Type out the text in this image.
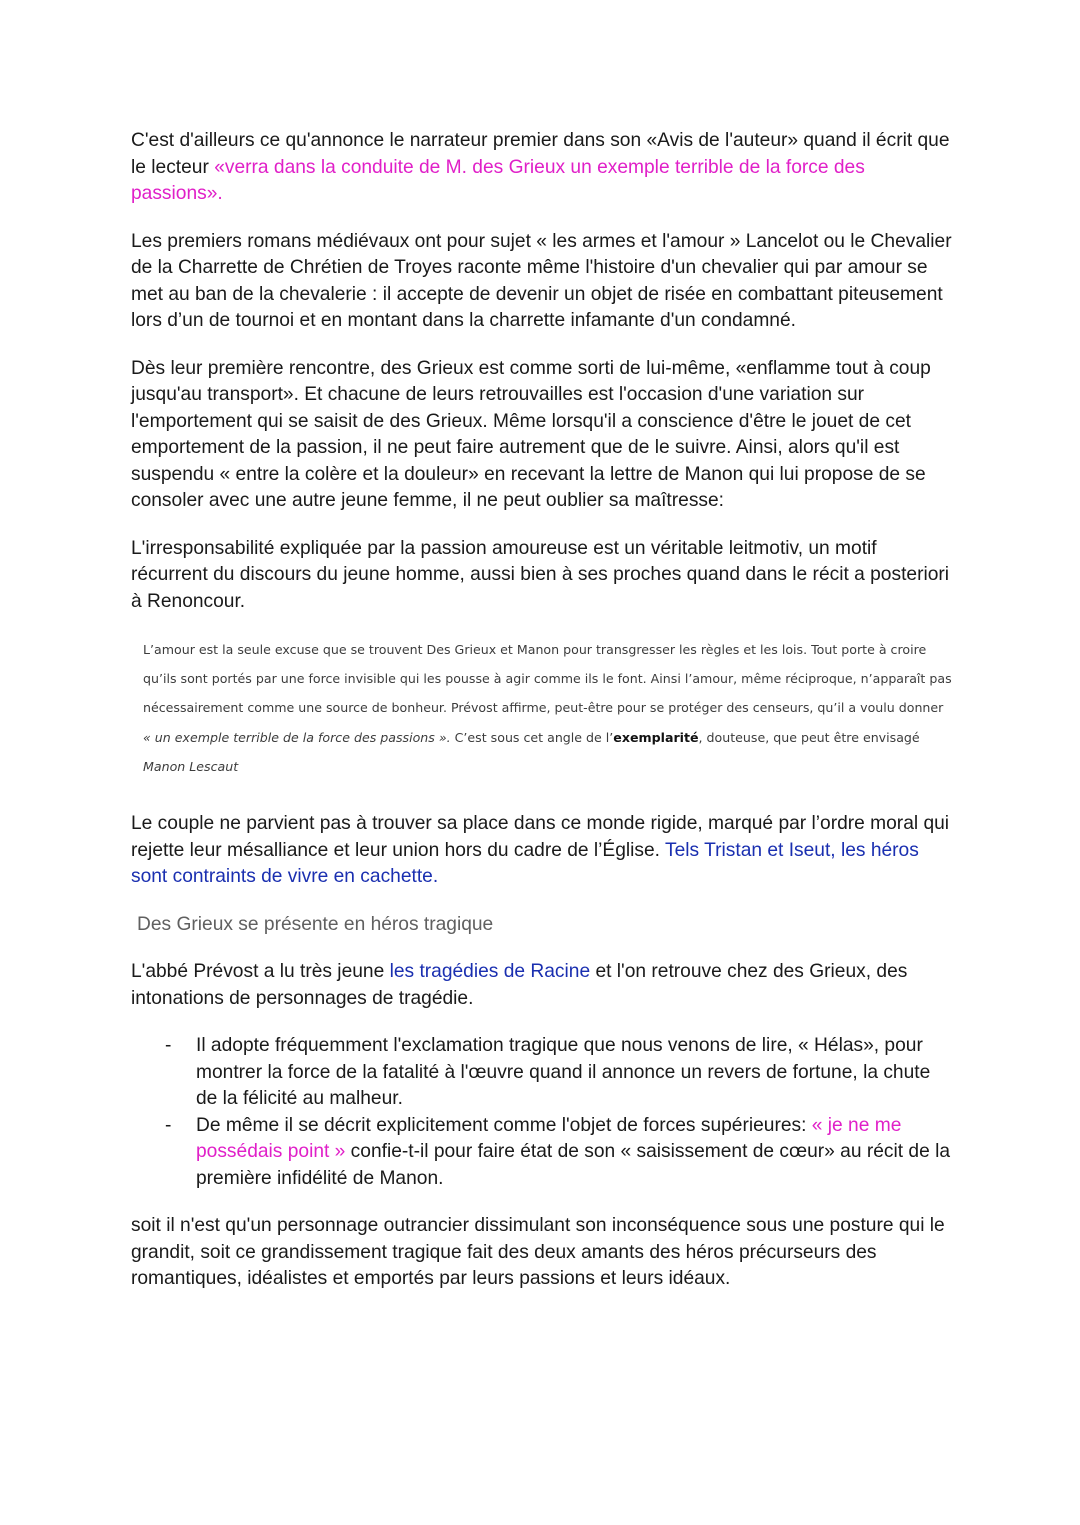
C'est d'ailleurs ce qu'annonce le narrateur premier dans son «Avis de l'auteur» quand il écrit que le lecteur «verra dans la conduite de M. des Grieux un exemple terrible de la force des passions».

Les premiers romans médiévaux ont pour sujet « les armes et l'amour » Lancelot ou le Chevalier de la Charrette de Chrétien de Troyes raconte même l'histoire d'un chevalier qui par amour se met au ban de la chevalerie : il accepte de devenir un objet de risée en combattant piteusement lors d’un de tournoi et en montant dans la charrette infamante d'un condamné.

Dès leur première rencontre, des Grieux est comme sorti de lui-même, «enflamme tout à coup jusqu'au transport». Et chacune de leurs retrouvailles est l'occasion d'une variation sur l'emportement qui se saisit de des Grieux. Même lorsqu'il a conscience d'être le jouet de cet emportement de la passion, il ne peut faire autrement que de le suivre. Ainsi, alors qu'il est suspendu « entre la colère et la douleur» en recevant la lettre de Manon qui lui propose de se consoler avec une autre jeune femme, il ne peut oublier sa maîtresse:

L'irresponsabilité expliquée par la passion amoureuse est un véritable leitmotiv, un motif récurrent du discours du jeune homme, aussi bien à ses proches quand dans le récit a posteriori à Renoncour.

L’amour est la seule excuse que se trouvent Des Grieux et Manon pour transgresser les règles et les lois. Tout porte à croire qu’ils sont portés par une force invisible qui les pousse à agir comme ils le font. Ainsi l’amour, même réciproque, n’apparaît pas nécessairement comme une source de bonheur. Prévost affirme, peut-être pour se protéger des censeurs, qu’il a voulu donner « un exemple terrible de la force des passions ». C’est sous cet angle de l’exemplarité, douteuse, que peut être envisagé Manon Lescaut

Le couple ne parvient pas à trouver sa place dans ce monde rigide, marqué par l’ordre moral qui rejette leur mésalliance et leur union hors du cadre de l’Église. Tels Tristan et Iseut, les héros sont contraints de vivre en cachette.

Des Grieux se présente en héros tragique

L'abbé Prévost a lu très jeune les tragédies de Racine et l'on retrouve chez des Grieux, des intonations de personnages de tragédie.

- Il adopte fréquemment l'exclamation tragique que nous venons de lire, « Hélas», pour montrer la force de la fatalité à l'œuvre quand il annonce un revers de fortune, la chute de la félicité au malheur.
- De même il se décrit explicitement comme l'objet de forces supérieures: « je ne me possédais point » confie-t-il pour faire état de son « saisissement de cœur» au récit de la première infidélité de Manon.

soit il n'est qu'un personnage outrancier dissimulant son inconséquence sous une posture qui le grandit, soit ce grandissement tragique fait des deux amants des héros précurseurs des romantiques, idéalistes et emportés par leurs passions et leurs idéaux.
